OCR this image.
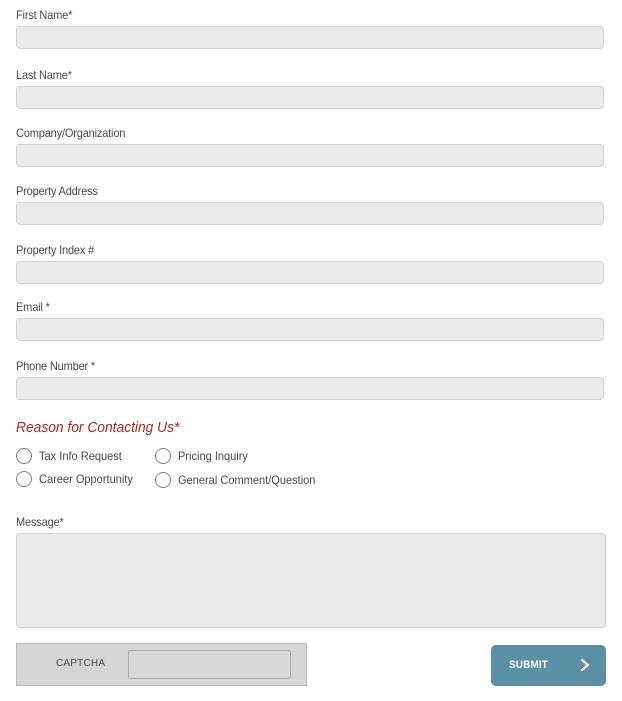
First Name*
Last Name*
Company/Organization
Property Address
Property Index #
Email *
Phone Number *
Reason for Contacting Us*
Tax Info Request	Pricing Inquiry
Career Opportunity	General Comment/Question
Message*
CAPTCHA	SUBMIT
